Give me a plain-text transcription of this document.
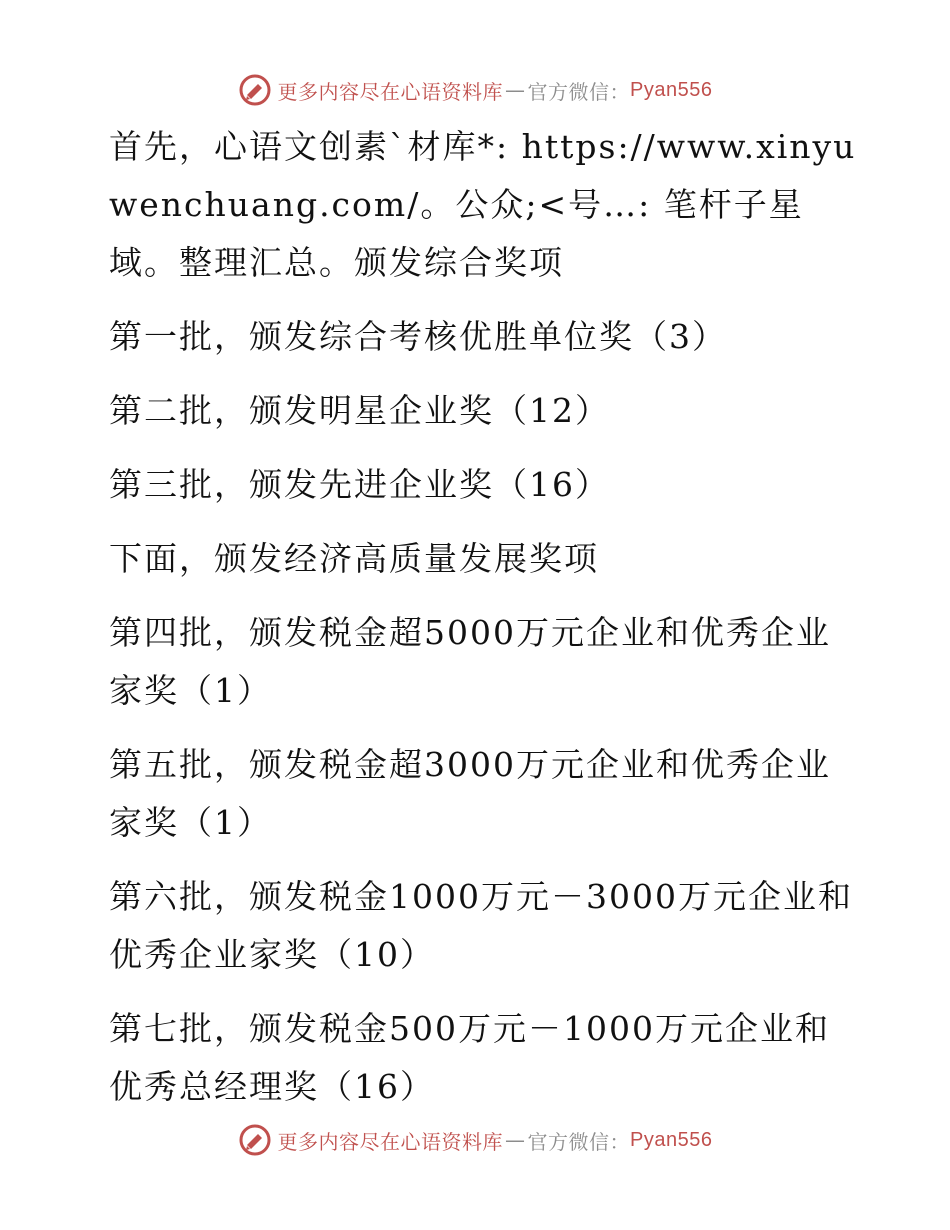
更多内容尽在心语资料库 — 官方微信： Pyan556

首先，心语文创素`材库*: https://www.xinyuwenchuang.com/。公众;<号…: 笔杆子星域。整理汇总。颁发综合奖项

第一批，颁发综合考核优胜单位奖（3）

第二批，颁发明星企业奖（12）

第三批，颁发先进企业奖（16）

下面，颁发经济高质量发展奖项

第四批，颁发税金超5000万元企业和优秀企业家奖（1）

第五批，颁发税金超3000万元企业和优秀企业家奖（1）

第六批，颁发税金1000万元－3000万元企业和优秀企业家奖（10）

第七批，颁发税金500万元－1000万元企业和优秀总经理奖（16）

更多内容尽在心语资料库 — 官方微信： Pyan556
